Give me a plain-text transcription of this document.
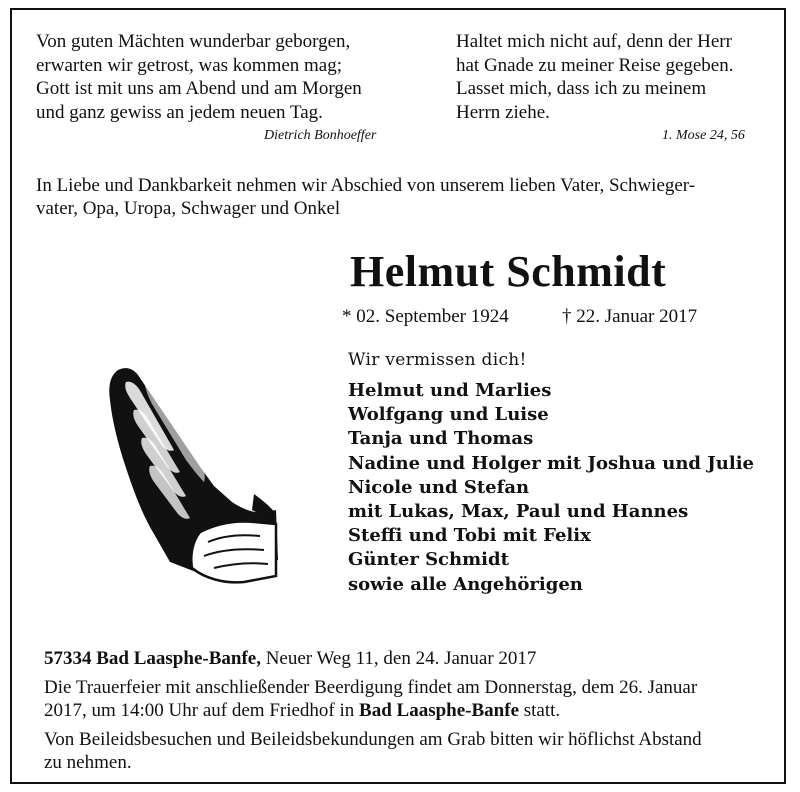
Von guten Mächten wunderbar geborgen,
erwarten wir getrost, was kommen mag;
Gott ist mit uns am Abend und am Morgen
und ganz gewiss an jedem neuen Tag.
Dietrich Bonhoeffer
Haltet mich nicht auf, denn der Herr
hat Gnade zu meiner Reise gegeben.
Lasset mich, dass ich zu meinem
Herrn ziehe.
1. Mose 24, 56
In Liebe und Dankbarkeit nehmen wir Abschied von unserem lieben Vater, Schwieger-
vater, Opa, Uropa, Schwager und Onkel
Helmut Schmidt
* 02. September 1924	† 22. Januar 2017
Wir vermissen dich!
Helmut und Marlies
Wolfgang und Luise
Tanja und Thomas
Nadine und Holger mit Joshua und Julie
Nicole und Stefan
mit Lukas, Max, Paul und Hannes
Steffi und Tobi mit Felix
Günter Schmidt
sowie alle Angehörigen
57334 Bad Laasphe-Banfe, Neuer Weg 11, den 24. Januar 2017
Die Trauerfeier mit anschließender Beerdigung findet am Donnerstag, dem 26. Januar
2017, um 14:00 Uhr auf dem Friedhof in Bad Laasphe-Banfe statt.
Von Beileidsbesuchen und Beileidsbekundungen am Grab bitten wir höflichst Abstand
zu nehmen.
